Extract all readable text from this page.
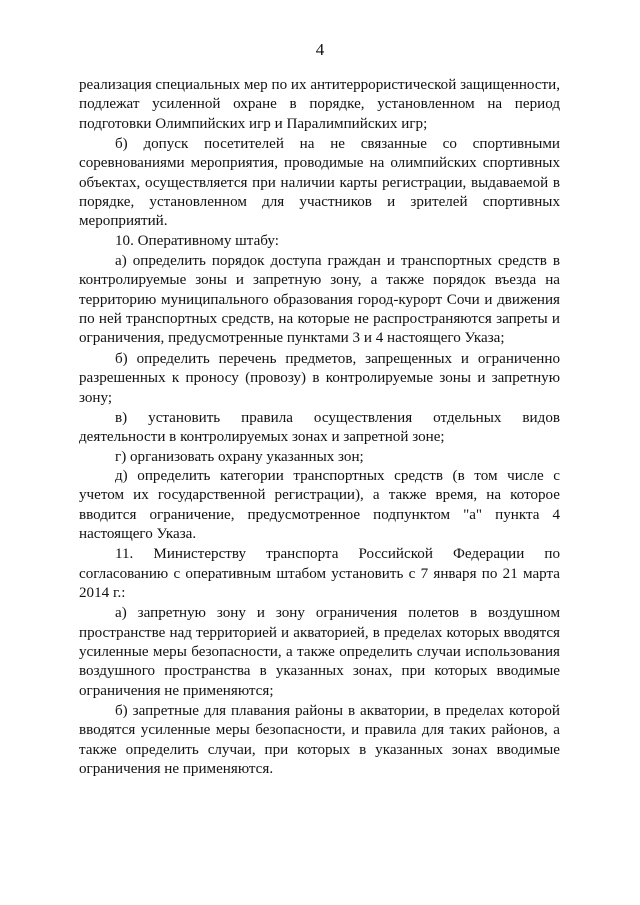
4

реализация специальных мер по их антитеррористической защищенности, подлежат усиленной охране в порядке, установленном на период подготовки Олимпийских игр и Паралимпийских игр;

б) допуск посетителей на не связанные со спортивными соревнованиями мероприятия, проводимые на олимпийских спортивных объектах, осуществляется при наличии карты регистрации, выдаваемой в порядке, установленном для участников и зрителей спортивных мероприятий.

10. Оперативному штабу:

а) определить порядок доступа граждан и транспортных средств в контролируемые зоны и запретную зону, а также порядок въезда на территорию муниципального образования город-курорт Сочи и движения по ней транспортных средств, на которые не распространяются запреты и ограничения, предусмотренные пунктами 3 и 4 настоящего Указа;

б) определить перечень предметов, запрещенных и ограниченно разрешенных к проносу (провозу) в контролируемые зоны и запретную зону;

в) установить правила осуществления отдельных видов деятельности в контролируемых зонах и запретной зоне;

г) организовать охрану указанных зон;

д) определить категории транспортных средств (в том числе с учетом их государственной регистрации), а также время, на которое вводится ограничение, предусмотренное подпунктом "а" пункта 4 настоящего Указа.

11. Министерству транспорта Российской Федерации по согласованию с оперативным штабом установить с 7 января по 21 марта 2014 г.:

а) запретную зону и зону ограничения полетов в воздушном пространстве над территорией и акваторией, в пределах которых вводятся усиленные меры безопасности, а также определить случаи использования воздушного пространства в указанных зонах, при которых вводимые ограничения не применяются;

б) запретные для плавания районы в акватории, в пределах которой вводятся усиленные меры безопасности, и правила для таких районов, а также определить случаи, при которых в указанных зонах вводимые ограничения не применяются.
